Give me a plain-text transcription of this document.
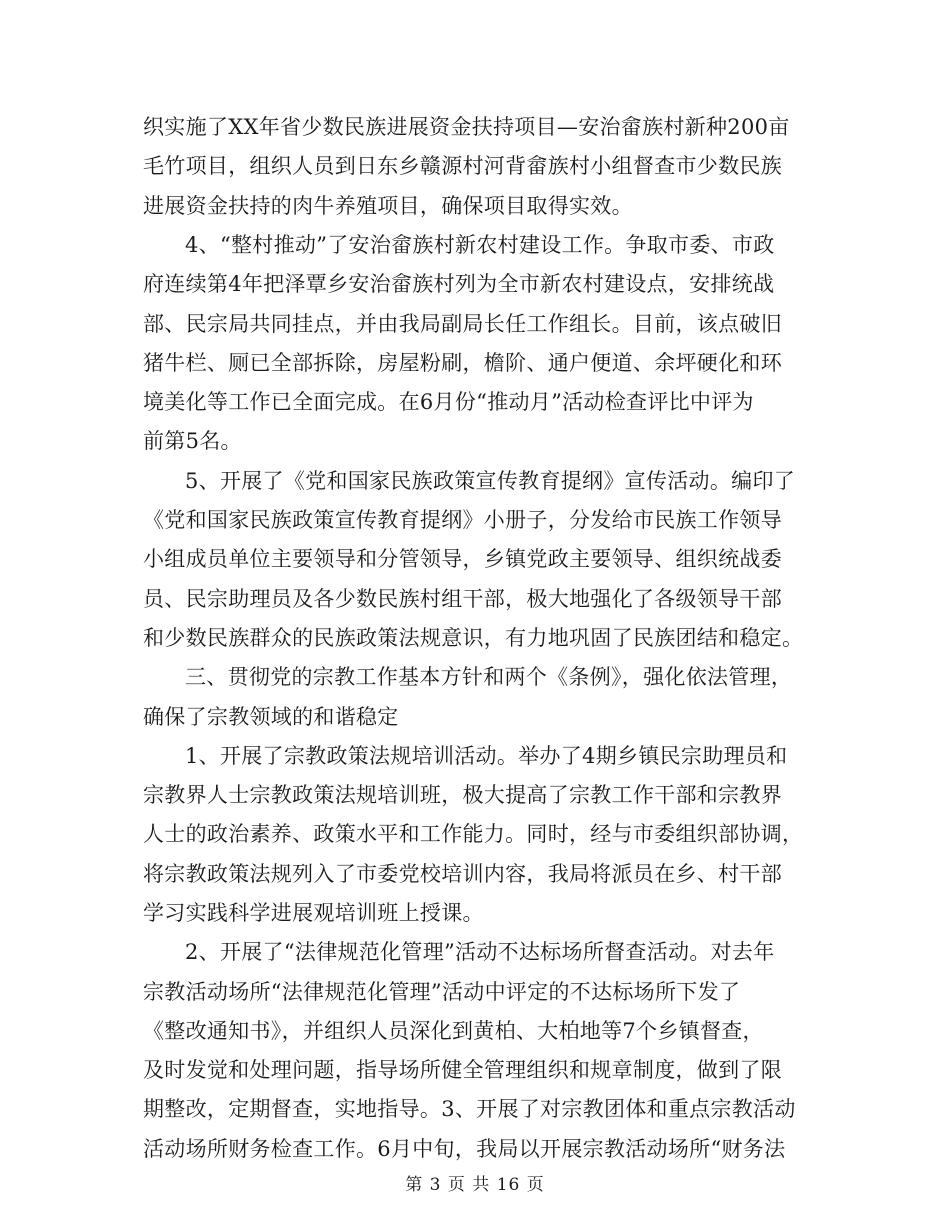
织实施了XX年省少数民族进展资金扶持项目—安治畲族村新种200亩
毛竹项目，组织人员到日东乡赣源村河背畲族村小组督查市少数民族
进展资金扶持的肉牛养殖项目，确保项目取得实效。
4、“整村推动”了安治畲族村新农村建设工作。争取市委、市政
府连续第4年把泽覃乡安治畲族村列为全市新农村建设点，安排统战
部、民宗局共同挂点，并由我局副局长任工作组长。目前，该点破旧
猪牛栏、厕已全部拆除，房屋粉刷，檐阶、通户便道、余坪硬化和环
境美化等工作已全面完成。在6月份“推动月”活动检查评比中评为
前第5名。
5、开展了《党和国家民族政策宣传教育提纲》宣传活动。编印了
《党和国家民族政策宣传教育提纲》小册子，分发给市民族工作领导
小组成员单位主要领导和分管领导，乡镇党政主要领导、组织统战委
员、民宗助理员及各少数民族村组干部，极大地强化了各级领导干部
和少数民族群众的民族政策法规意识，有力地巩固了民族团结和稳定。
三、贯彻党的宗教工作基本方针和两个《条例》，强化依法管理，
确保了宗教领域的和谐稳定
1、开展了宗教政策法规培训活动。举办了4期乡镇民宗助理员和
宗教界人士宗教政策法规培训班，极大提高了宗教工作干部和宗教界
人士的政治素养、政策水平和工作能力。同时，经与市委组织部协调，
将宗教政策法规列入了市委党校培训内容，我局将派员在乡、村干部
学习实践科学进展观培训班上授课。
2、开展了“法律规范化管理”活动不达标场所督查活动。对去年
宗教活动场所“法律规范化管理”活动中评定的不达标场所下发了
《整改通知书》，并组织人员深化到黄柏、大柏地等7个乡镇督查，
及时发觉和处理问题，指导场所健全管理组织和规章制度，做到了限
期整改，定期督查，实地指导。3、开展了对宗教团体和重点宗教活动
活动场所财务检查工作。6月中旬，我局以开展宗教活动场所“财务法
第 3 页 共 16 页
